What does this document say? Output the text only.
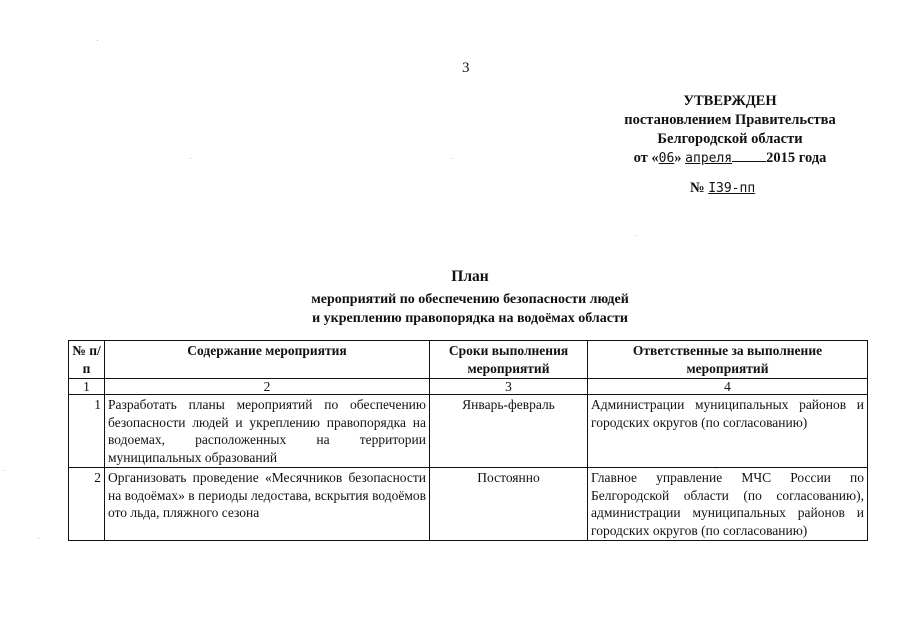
3
УТВЕРЖДЕН
постановлением Правительства
Белгородской области
от «06» апреля 2015 года
№ I39-пп
План
мероприятий по обеспечению безопасности людей
и укреплению правопорядка на водоёмах области
№ п/п	Содержание мероприятия	Сроки выполнения мероприятий	Ответственные за выполнение мероприятий
1	2	3	4
1	Разработать планы мероприятий по обеспечению безопасности людей и укреплению правопорядка на водоемах, расположенных на территории муниципальных образований	Январь-февраль	Администрации муниципальных районов и городских округов (по согласованию)
2	Организовать проведение «Месячников безопасности на водоёмах» в периоды ледостава, вскрытия водоёмов ото льда, пляжного сезона	Постоянно	Главное управление МЧС России по Белгородской области (по согласованию), администрации муниципальных районов и городских округов (по согласованию)
